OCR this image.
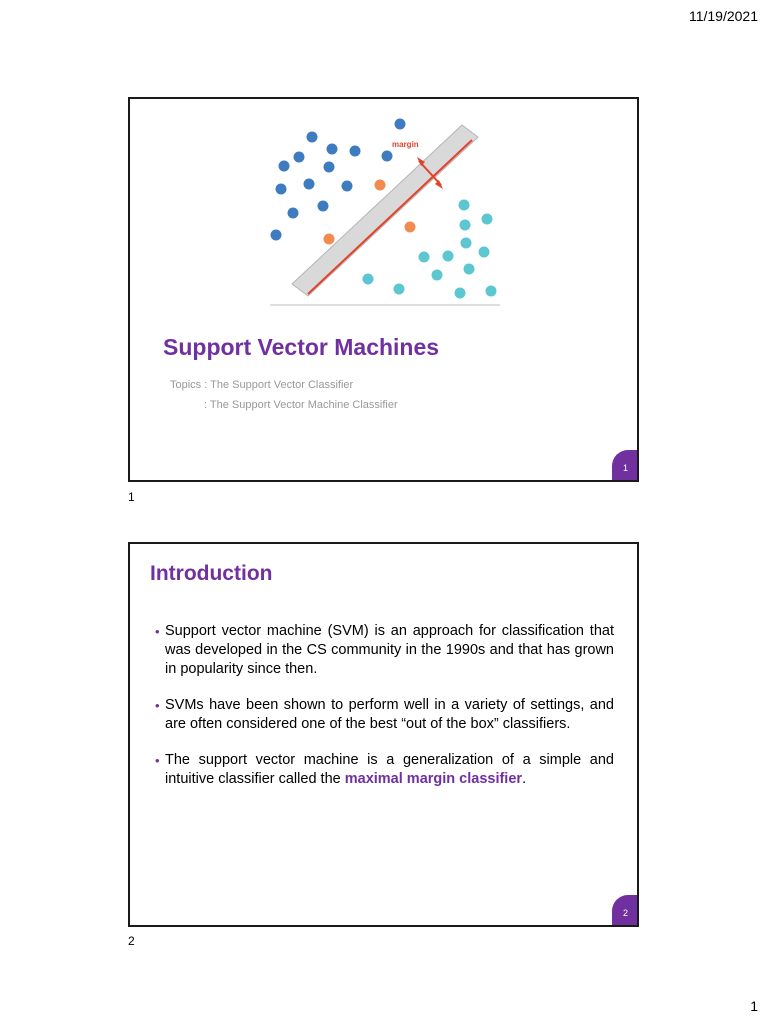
11/19/2021
margin
Support Vector Machines
Topics : The Support Vector Classifier
: The Support Vector Machine Classifier
1
1
Introduction
• Support vector machine (SVM) is an approach for classification that was developed in the CS community in the 1990s and that has grown in popularity since then.
• SVMs have been shown to perform well in a variety of settings, and are often considered one of the best “out of the box” classifiers.
• The support vector machine is a generalization of a simple and intuitive classifier called the maximal margin classifier.
2
2
1
